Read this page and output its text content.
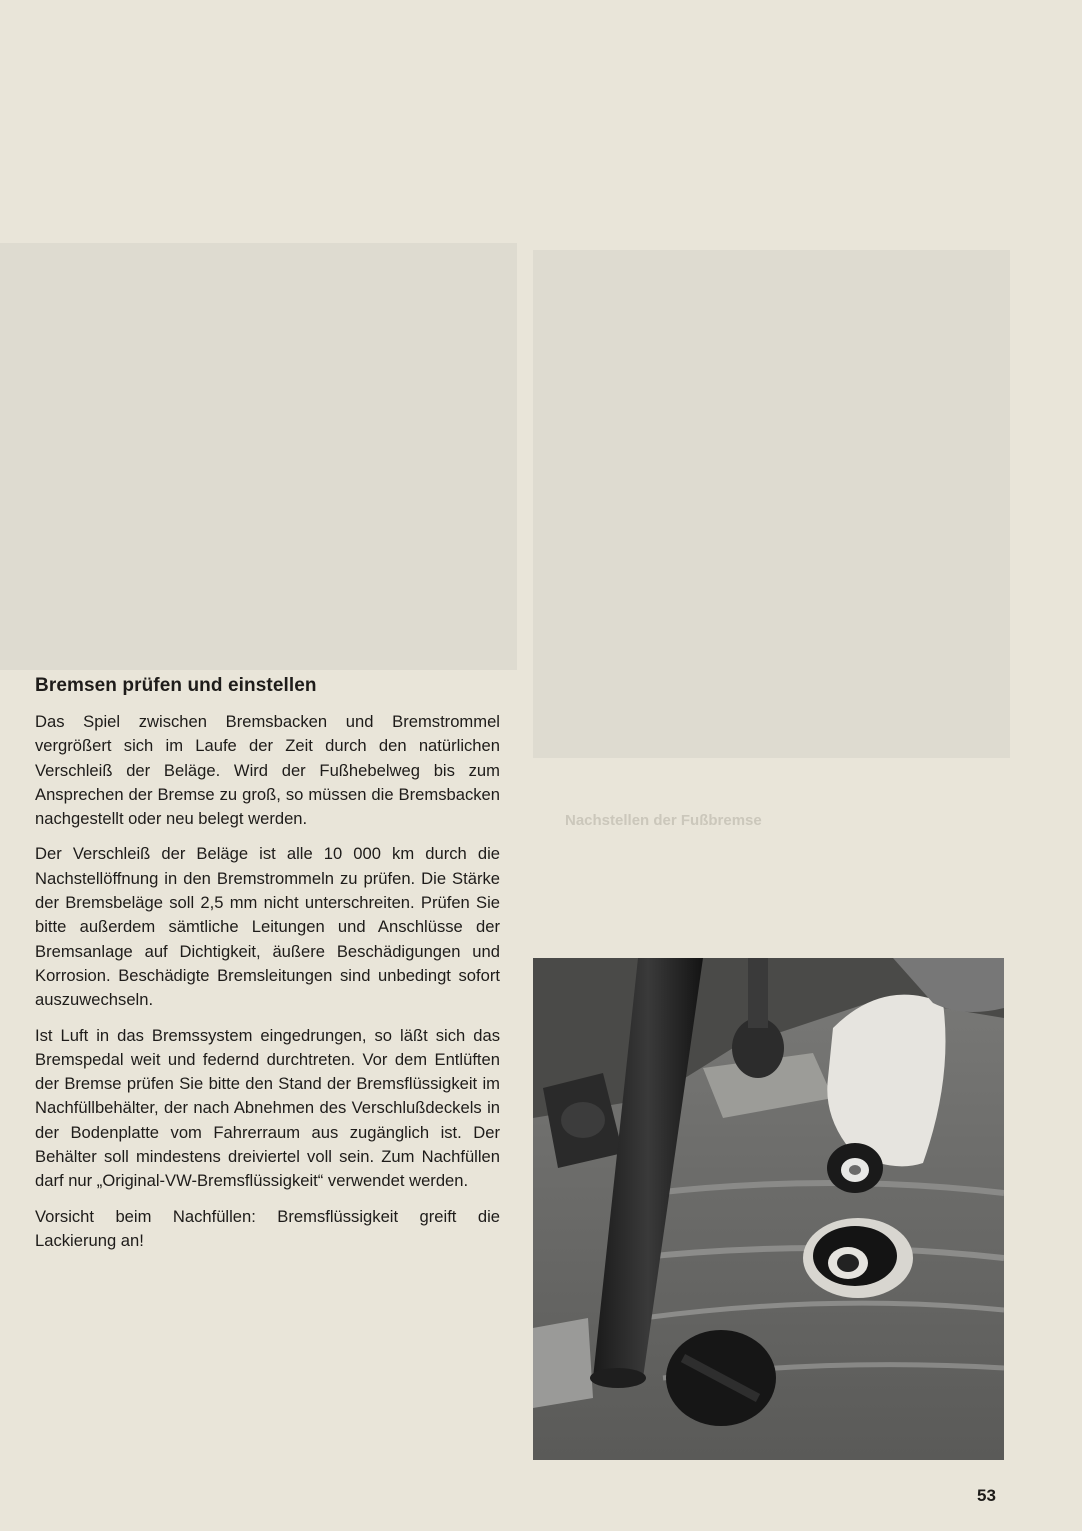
Nachstellen der Fußbremse
Bremsen prüfen und einstellen

Das Spiel zwischen Bremsbacken und Bremstrommel vergrößert sich im Laufe der Zeit durch den natürlichen Verschleiß der Beläge. Wird der Fußhebelweg bis zum Ansprechen der Bremse zu groß, so müssen die Bremsbacken nachgestellt oder neu belegt werden.

Der Verschleiß der Beläge ist alle 10 000 km durch die Nachstellöffnung in den Bremstrommeln zu prüfen. Die Stärke der Bremsbeläge soll 2,5 mm nicht unterschreiten. Prüfen Sie bitte außerdem sämtliche Leitungen und Anschlüsse der Bremsanlage auf Dichtigkeit, äußere Beschädigungen und Korrosion. Beschädigte Bremsleitungen sind unbedingt sofort auszuwechseln.

Ist Luft in das Bremssystem eingedrungen, so läßt sich das Bremspedal weit und federnd durchtreten. Vor dem Entlüften der Bremse prüfen Sie bitte den Stand der Bremsflüssigkeit im Nachfüllbehälter, der nach Abnehmen des Verschlußdeckels in der Bodenplatte vom Fahrerraum aus zugänglich ist. Der Behälter soll mindestens dreiviertel voll sein. Zum Nachfüllen darf nur „Original-VW-Bremsflüssigkeit“ verwendet werden.

Vorsicht beim Nachfüllen: Bremsflüssigkeit greift die Lackierung an!

53
